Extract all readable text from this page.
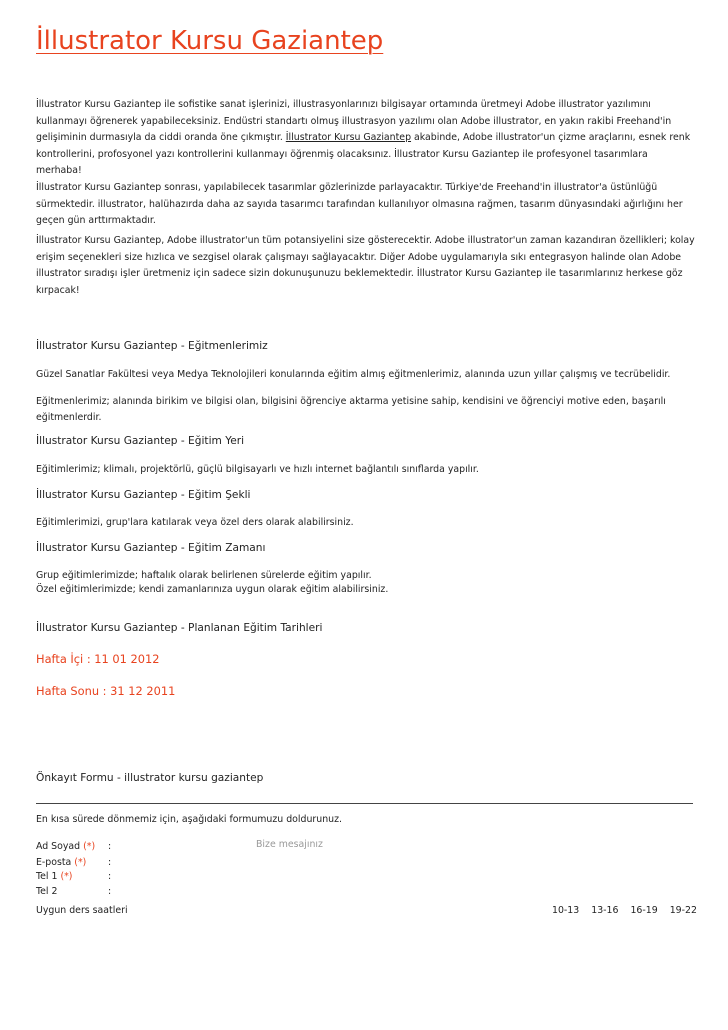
İllustrator Kursu Gaziantep

İllustrator Kursu Gaziantep ile sofistike sanat işlerinizi, illustrasyonlarınızı bilgisayar ortamında üretmeyi Adobe illustrator yazılımını kullanmayı öğrenerek yapabileceksiniz. Endüstri standartı olmuş illustrasyon yazılımı olan Adobe illustrator, en yakın rakibi Freehand'in gelişiminin durmasıyla da ciddi oranda öne çıkmıştır. İllustrator Kursu Gaziantep akabinde, Adobe illustrator'un çizme araçlarını, esnek renk kontrollerini, profosyonel yazı kontrollerini kullanmayı öğrenmiş olacaksınız. İllustrator Kursu Gaziantep ile profesyonel tasarımlara merhaba!

İllustrator Kursu Gaziantep sonrası, yapılabilecek tasarımlar gözlerinizde parlayacaktır. Türkiye'de Freehand'in illustrator'a üstünlüğü sürmektedir. illustrator, halühazırda daha az sayıda tasarımcı tarafından kullanılıyor olmasına rağmen, tasarım dünyasındaki ağırlığını her geçen gün arttırmaktadır.

İllustrator Kursu Gaziantep, Adobe illustrator'un tüm potansiyelini size gösterecektir. Adobe illustrator'un zaman kazandıran özellikleri; kolay erişim seçenekleri size hızlıca ve sezgisel olarak çalışmayı sağlayacaktır. Diğer Adobe uygulamarıyla sıkı entegrasyon halinde olan Adobe illustrator sıradışı işler üretmeniz için sadece sizin dokunuşunuzu beklemektedir. İllustrator Kursu Gaziantep ile tasarımlarınız herkese göz kırpacak!

İllustrator Kursu Gaziantep - Eğitmenlerimiz

Güzel Sanatlar Fakültesi veya Medya Teknolojileri konularında eğitim almış eğitmenlerimiz, alanında uzun yıllar çalışmış ve tecrübelidir.

Eğitmenlerimiz; alanında birikim ve bilgisi olan, bilgisini öğrenciye aktarma yetisine sahip, kendisini ve öğrenciyi motive eden, başarılı eğitmenlerdir.

İllustrator Kursu Gaziantep - Eğitim Yeri

Eğitimlerimiz; klimalı, projektörlü, güçlü bilgisayarlı ve hızlı internet bağlantılı sınıflarda yapılır.

İllustrator Kursu Gaziantep - Eğitim Şekli

Eğitimlerimizi, grup'lara katılarak veya özel ders olarak alabilirsiniz.

İllustrator Kursu Gaziantep - Eğitim Zamanı

Grup eğitimlerimizde; haftalık olarak belirlenen sürelerde eğitim yapılır.

Özel eğitimlerimizde; kendi zamanlarınıza uygun olarak eğitim alabilirsiniz.

İllustrator Kursu Gaziantep - Planlanan Eğitim Tarihleri
Hafta İçi : 11 01 2012
Hafta Sonu : 31 12 2011
Önkayıt Formu - illustrator kursu gaziantep

En kısa sürede dönmemiz için, aşağıdaki formumuzu doldurunuz.

Ad Soyad (*) :
E-posta (*) :
Tel 1 (*)	:
Tel 2	:
Bize mesajınız
Uygun ders saatleri	10-13 13-16 16-19 19-22
